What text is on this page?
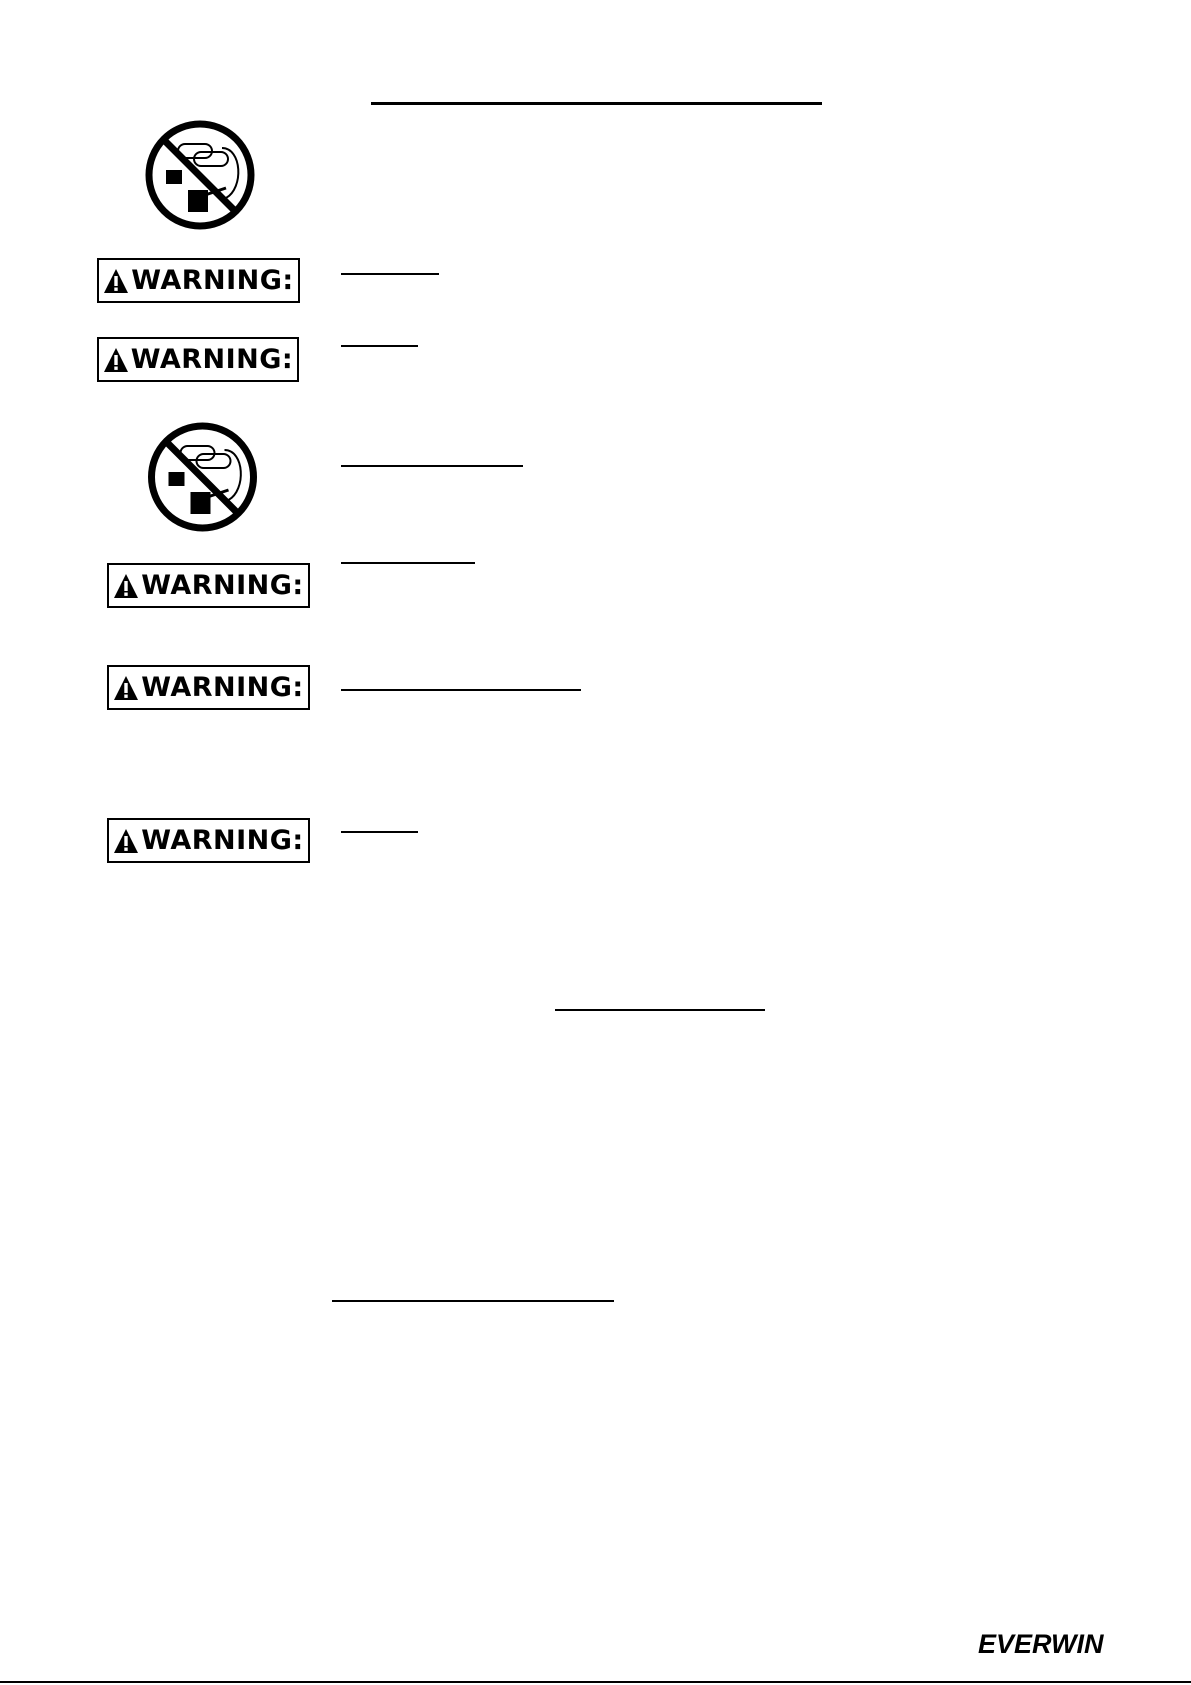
WARNING:
WARNING:
WARNING:
WARNING:
WARNING:
EVERWIN
